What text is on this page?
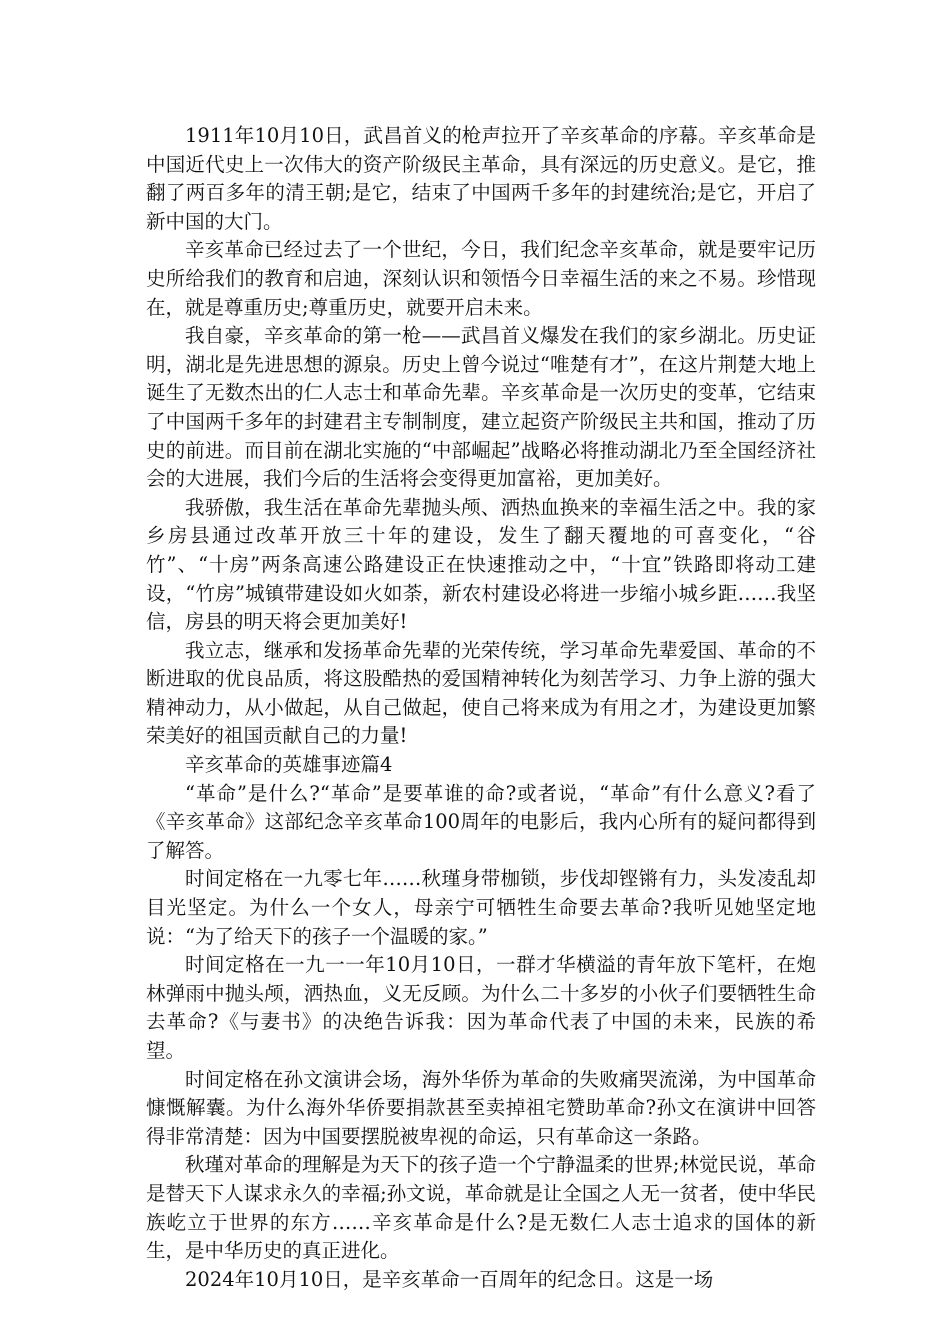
1911年10月10日，武昌首义的枪声拉开了辛亥革命的序幕。辛亥革命是中国近代史上一次伟大的资产阶级民主革命，具有深远的历史意义。是它，推翻了两百多年的清王朝;是它，结束了中国两千多年的封建统治;是它，开启了新中国的大门。

辛亥革命已经过去了一个世纪，今日，我们纪念辛亥革命，就是要牢记历史所给我们的教育和启迪，深刻认识和领悟今日幸福生活的来之不易。珍惜现在，就是尊重历史;尊重历史，就要开启未来。

我自豪，辛亥革命的第一枪——武昌首义爆发在我们的家乡湖北。历史证明，湖北是先进思想的源泉。历史上曾今说过“唯楚有才”，在这片荆楚大地上诞生了无数杰出的仁人志士和革命先辈。辛亥革命是一次历史的变革，它结束了中国两千多年的封建君主专制制度，建立起资产阶级民主共和国，推动了历史的前进。而目前在湖北实施的“中部崛起”战略必将推动湖北乃至全国经济社会的大进展，我们今后的生活将会变得更加富裕，更加美好。

我骄傲，我生活在革命先辈抛头颅、洒热血换来的幸福生活之中。我的家乡房县通过改革开放三十年的建设，发生了翻天覆地的可喜变化，“谷竹”、“十房”两条高速公路建设正在快速推动之中，“十宜”铁路即将动工建设，“竹房”城镇带建设如火如荼，新农村建设必将进一步缩小城乡距……我坚信，房县的明天将会更加美好!

我立志，继承和发扬革命先辈的光荣传统，学习革命先辈爱国、革命的不断进取的优良品质，将这股酷热的爱国精神转化为刻苦学习、力争上游的强大精神动力，从小做起，从自己做起，使自己将来成为有用之才，为建设更加繁荣美好的祖国贡献自己的力量!

辛亥革命的英雄事迹篇4

“革命”是什么?“革命”是要革谁的命?或者说，“革命”有什么意义?看了《辛亥革命》这部纪念辛亥革命100周年的电影后，我内心所有的疑问都得到了解答。

时间定格在一九零七年……秋瑾身带枷锁，步伐却铿锵有力，头发凌乱却目光坚定。为什么一个女人，母亲宁可牺牲生命要去革命?我听见她坚定地说：“为了给天下的孩子一个温暖的家。”

时间定格在一九一一年10月10日，一群才华横溢的青年放下笔杆，在炮林弹雨中抛头颅，洒热血，义无反顾。为什么二十多岁的小伙子们要牺牲生命去革命?《与妻书》的决绝告诉我：因为革命代表了中国的未来，民族的希望。

时间定格在孙文演讲会场，海外华侨为革命的失败痛哭流涕，为中国革命慷慨解囊。为什么海外华侨要捐款甚至卖掉祖宅赞助革命?孙文在演讲中回答得非常清楚：因为中国要摆脱被卑视的命运，只有革命这一条路。

秋瑾对革命的理解是为天下的孩子造一个宁静温柔的世界;林觉民说，革命是替天下人谋求永久的幸福;孙文说，革命就是让全国之人无一贫者，使中华民族屹立于世界的东方……辛亥革命是什么?是无数仁人志士追求的国体的新生，是中华历史的真正进化。

2024年10月10日，是辛亥革命一百周年的纪念日。这是一场
